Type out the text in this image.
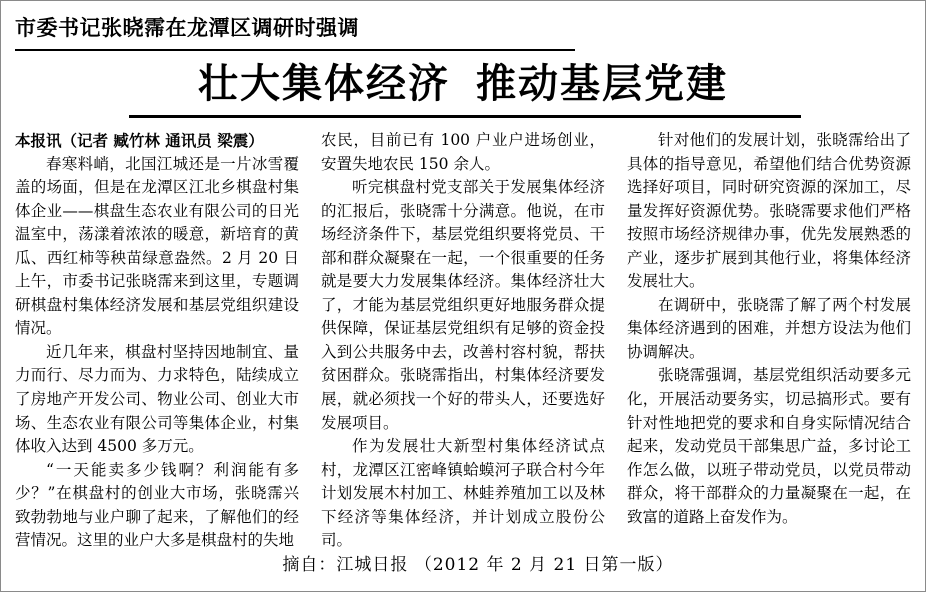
市委书记张晓霈在龙潭区调研时强调
壮大集体经济 推动基层党建

本报讯（记者 臧竹林 通讯员 梁震）

春寒料峭，北国江城还是一片冰雪覆盖的场面，但是在龙潭区江北乡棋盘村集体企业——棋盘生态农业有限公司的日光温室中，荡漾着浓浓的暖意，新培育的黄瓜、西红柿等秧苗绿意盎然。2 月 20 日上午，市委书记张晓霈来到这里，专题调研棋盘村集体经济发展和基层党组织建设情况。

近几年来，棋盘村坚持因地制宜、量力而行、尽力而为、力求特色，陆续成立了房地产开发公司、物业公司、创业大市场、生态农业有限公司等集体企业，村集体收入达到 4500 多万元。

“一天能卖多少钱啊？利润能有多少？”在棋盘村的创业大市场，张晓霈兴致勃勃地与业户聊了起来，了解他们的经营情况。这里的业户大多是棋盘村的失地

农民，目前已有 100 户业户进场创业，安置失地农民 150 余人。

听完棋盘村党支部关于发展集体经济的汇报后，张晓霈十分满意。他说，在市场经济条件下，基层党组织要将党员、干部和群众凝聚在一起，一个很重要的任务就是要大力发展集体经济。集体经济壮大了，才能为基层党组织更好地服务群众提供保障，保证基层党组织有足够的资金投入到公共服务中去，改善村容村貌，帮扶贫困群众。张晓霈指出，村集体经济要发展，就必须找一个好的带头人，还要选好发展项目。

作为发展壮大新型村集体经济试点村，龙潭区江密峰镇蛤蟆河子联合村今年计划发展木村加工、林蛙养殖加工以及林下经济等集体经济，并计划成立股份公司。

针对他们的发展计划，张晓霈给出了具体的指导意见，希望他们结合优势资源选择好项目，同时研究资源的深加工，尽量发挥好资源优势。张晓霈要求他们严格按照市场经济规律办事，优先发展熟悉的产业，逐步扩展到其他行业，将集体经济发展壮大。

在调研中，张晓霈了解了两个村发展集体经济遇到的困难，并想方设法为他们协调解决。

张晓霈强调，基层党组织活动要多元化，开展活动要务实，切忌搞形式。要有针对性地把党的要求和自身实际情况结合起来，发动党员干部集思广益，多讨论工作怎么做，以班子带动党员，以党员带动群众，将干部群众的力量凝聚在一起，在致富的道路上奋发作为。

摘自：江城日报 （2012 年 2 月 21 日第一版）
